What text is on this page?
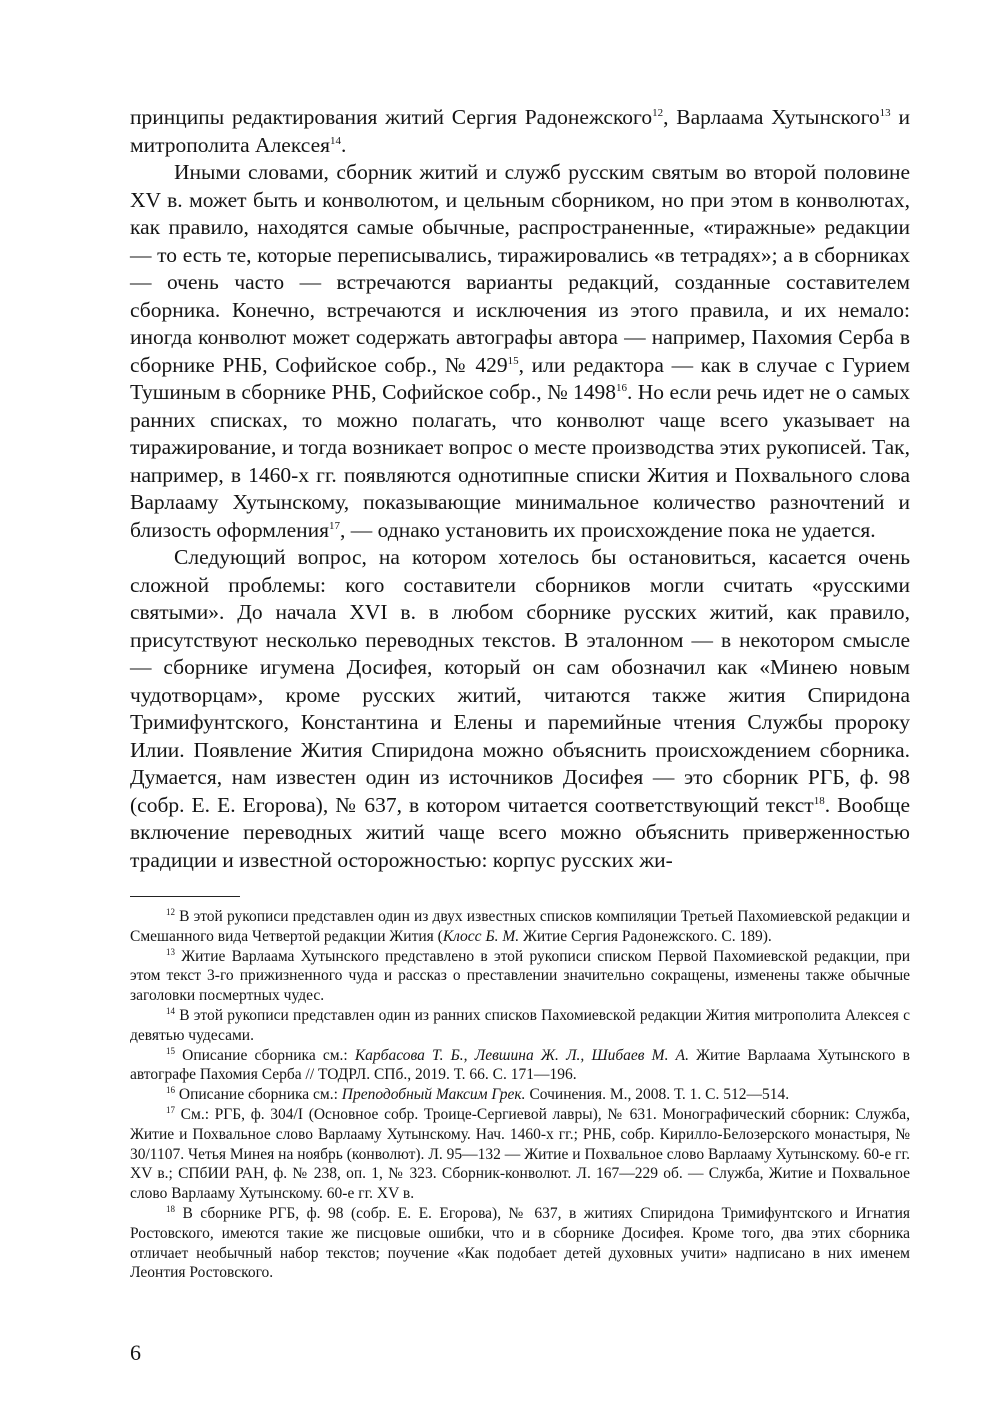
принципы редактирования житий Сергия Радонежского$^{12}$, Варлаама Хутынского$^{13}$ и митрополита Алексея$^{14}$.

Иными словами, сборник житий и служб русским святым во второй половине XV в. может быть и конволютом, и цельным сборником, но при этом в конволютах, как правило, находятся самые обычные, распространенные, «тиражные» редакции — то есть те, которые переписывались, тиражировались «в тетрадях»; а в сборниках — очень часто — встречаются варианты редакций, созданные составителем сборника. Конечно, встречаются и исключения из этого правила, и их немало: иногда конволют может содержать автографы автора — например, Пахомия Серба в сборнике РНБ, Софийское собр., № $429^{15}$, или редактора — как в случае с Гурием Тушиным в сборнике РНБ, Софийское собр., № 1498$^{16}$. Но если речь идет не о самых ранних списках, то можно полагать, что конволют чаще всего указывает на тиражирование, и тогда возникает вопрос о месте производства этих рукописей. Так, например, в 1460-х гг. появляются однотипные списки Жития и Похвального слова Варлааму Хутынскому, показывающие минимальное количество разночтений и близость оформления$^{17}$, — однако установить их происхождение пока не удается.

Следующий вопрос, на котором хотелось бы остановиться, касается очень сложной проблемы: кого составители сборников могли считать «русскими святыми». До начала XVI в. в любом сборнике русских житий, как правило, присутствуют несколько переводных текстов. В эталонном — в некотором смысле — сборнике игумена Досифея, который он сам обозначил как «Минею новым чудотворцам», кроме русских житий, читаются также жития Спиридона Тримифунтского, Константина и Елены и паремийные чтения Службы пророку Илии. Появление Жития Спиридона можно объяснить происхождением сборника. Думается, нам известен один из источников Досифея — это сборник РГБ, ф. 98 (собр. Е. Е. Егорова), № 637, в котором читается соответствующий текст$^{18}$. Вообще включение переводных житий чаще всего можно объяснить приверженностью традиции и известной осторожностью: корпус русских жи-

$^{12}$ В этой рукописи представлен один из двух известных списков компиляции Третьей Пахомиевской редакции и Смешанного вида Четвертой редакции Жития (Клосс Б. М. Житие Сергия Радонежского. С. 189).

$^{13}$ Житие Варлаама Хутынского представлено в этой рукописи списком Первой Пахомиевской редакции, при этом текст 3-го прижизненного чуда и рассказ о преставлении значительно сокращены, изменены также обычные заголовки посмертных чудес.

$^{14}$ В этой рукописи представлен один из ранних списков Пахомиевской редакции Жития митрополита Алексея с девятью чудесами.

$^{15}$ Описание сборника см.: Карбасова Т. Б., Левшина Ж. Л., Шибаев М. А. Житие Варлаама Хутынского в автографе Пахомия Серба // ТОДРЛ. СПб., 2019. Т. 66. С. 171—196.

$^{16}$ Описание сборника см.: Преподобный Максим Грек. Сочинения. М., 2008. Т. 1. С. 512—514.

$^{17}$ См.: РГБ, ф. 304/I (Основное собр. Троице-Сергиевой лавры), № 631. Монографический сборник: Служба, Житие и Похвальное слово Варлааму Хутынскому. Нач. 1460-х гг.; РНБ, собр. Кирилло-Белозерского монастыря, № 30/1107. Четья Минея на ноябрь (конволют). Л. 95—132 — Житие и Похвальное слово Варлааму Хутынскому. 60-е гг. XV в.; СПбИИ РАН, ф. № 238, оп. 1, № 323. Сборник-конволют. Л. 167—229 об. — Служба, Житие и Похвальное слово Варлааму Хутынскому. 60-е гг. XV в.

$^{18}$ В сборнике РГБ, ф. 98 (собр. Е. Е. Егорова), № 637, в житиях Спиридона Тримифунтского и Игнатия Ростовского, имеются такие же писцовые ошибки, что и в сборнике Досифея. Кроме того, два этих сборника отличает необычный набор текстов; поучение «Как подобает детей духовных учити» надписано в них именем Леонтия Ростовского.

6
